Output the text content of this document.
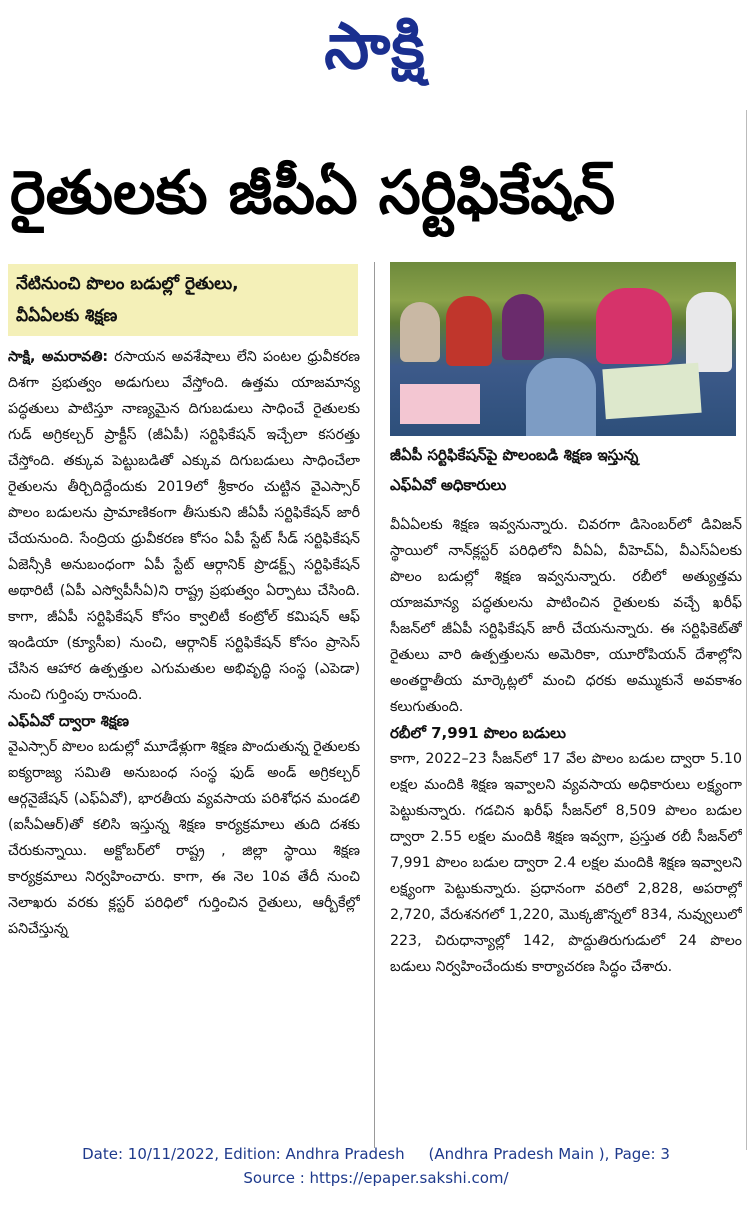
సాక్షి
రైతులకు జీపీఏ సర్టిఫికేషన్
నేటినుంచి పొలం బడుల్లో రైతులు,
వీఏఏలకు శిక్షణ

సాక్షి, అమరావతి: రసాయన అవశేషాలు లేని పంటల ధ్రువీకరణ దిశగా ప్రభుత్వం అడుగులు వేస్తోంది. ఉత్తమ యాజమాన్య పద్ధతులు పాటిస్తూ నాణ్యమైన దిగుబడులు సాధించే రైతులకు గుడ్ అగ్రికల్చర్ ప్రాక్టీస్ (జీఏపీ) సర్టిఫికేషన్ ఇచ్చేలా కసరత్తు చేస్తోంది. తక్కువ పెట్టుబడితో ఎక్కువ దిగుబడులు సాధించేలా రైతులను తీర్చిదిద్దేందుకు 2019లో శ్రీకారం చుట్టిన వైఎస్సార్ పొలం బడులను ప్రామాణికంగా తీసుకుని జీఏపీ సర్టిఫికేషన్ జారీ చేయనుంది. సేంద్రియ ధ్రువీకరణ కోసం ఏపీ స్టేట్ సీడ్ సర్టిఫికేషన్ ఏజెన్సీకి అనుబంధంగా ఏపీ స్టేట్ ఆర్గానిక్ ప్రొడక్ట్స్ సర్టిఫికేషన్ అథారిటీ (ఏపీ ఎస్వోపీసీఏ)ని రాష్ట్ర ప్రభుత్వం ఏర్పాటు చేసింది. కాగా, జీఏపీ సర్టిఫికేషన్ కోసం క్వాలిటీ కంట్రోల్ కమిషన్ ఆఫ్ ఇండియా (క్యూసీఐ) నుంచి, ఆర్గానిక్ సర్టిఫికేషన్ కోసం ప్రాసెస్ చేసిన ఆహార ఉత్పత్తుల ఎగుమతుల అభివృద్ధి సంస్థ (ఎపెడా) నుంచి గుర్తింపు రానుంది.

ఎఫ్ఏవో ద్వారా శిక్షణ

వైఎస్సార్ పొలం బడుల్లో మూడేళ్లుగా శిక్షణ పొందుతున్న రైతులకు ఐక్యరాజ్య సమితి అనుబంధ సంస్థ ఫుడ్ అండ్ అగ్రికల్చర్ ఆర్గనైజేషన్ (ఎఫ్ఏవో), భారతీయ వ్యవసాయ పరిశోధన మండలి (ఐసీఏఆర్)తో కలిసి ఇస్తున్న శిక్షణ కార్యక్రమాలు తుది దశకు చేరుకున్నాయి. అక్టోబర్‌లో రాష్ట్ర , జిల్లా స్థాయి శిక్షణ కార్యక్రమాలు నిర్వహించారు. కాగా, ఈ నెల 10వ తేదీ నుంచి నెలాఖరు వరకు క్లస్టర్ పరిధిలో గుర్తించిన రైతులు, ఆర్బీకేల్లో పనిచేస్తున్న

జీఏపీ సర్టిఫికేషన్‌పై పొలంబడి శిక్షణ ఇస్తున్న
ఎఫ్ఏవో అధికారులు

వీఏఏలకు శిక్షణ ఇవ్వనున్నారు. చివరగా డిసెంబర్‌లో డివిజన్ స్థాయిలో నాన్‌క్లస్టర్ పరిధిలోని వీఏఏ, వీహెచ్ఏ, వీఎస్ఏలకు పొలం బడుల్లో శిక్షణ ఇవ్వనున్నారు. రబీలో అత్యుత్తమ యాజమాన్య పద్ధతులను పాటించిన రైతులకు వచ్చే ఖరీఫ్ సీజన్‌లో జీఏపీ సర్టిఫికేషన్ జారీ చేయనున్నారు. ఈ సర్టిఫికెట్‌తో రైతులు వారి ఉత్పత్తులను అమెరికా, యూరోపియన్ దేశాల్లోని అంతర్జాతీయ మార్కెట్లలో మంచి ధరకు అమ్ముకునే అవకాశం కలుగుతుంది.

రబీలో 7,991 పొలం బడులు

కాగా, 2022–23 సీజన్‌లో 17 వేల పొలం బడుల ద్వారా 5.10 లక్షల మందికి శిక్షణ ఇవ్వాలని వ్యవసాయ అధికారులు లక్ష్యంగా పెట్టుకున్నారు. గడచిన ఖరీఫ్ సీజన్‌లో 8,509 పొలం బడుల ద్వారా 2.55 లక్షల మందికి శిక్షణ ఇవ్వగా, ప్రస్తుత రబీ సీజన్‌లో 7,991 పొలం బడుల ద్వారా 2.4 లక్షల మందికి శిక్షణ ఇవ్వాలని లక్ష్యంగా పెట్టుకున్నారు. ప్రధానంగా వరిలో 2,828, అపరాల్లో 2,720, వేరుశనగలో 1,220, మొక్కజొన్నలో 834, నువ్వులులో 223, చిరుధాన్యాల్లో 142, పొద్దుతిరుగుడులో 24 పొలం బడులు నిర్వహించేందుకు కార్యాచరణ సిద్ధం చేశారు.

Date: 10/11/2022, Edition: Andhra Pradesh     (Andhra Pradesh Main ), Page: 3
Source : https://epaper.sakshi.com/
